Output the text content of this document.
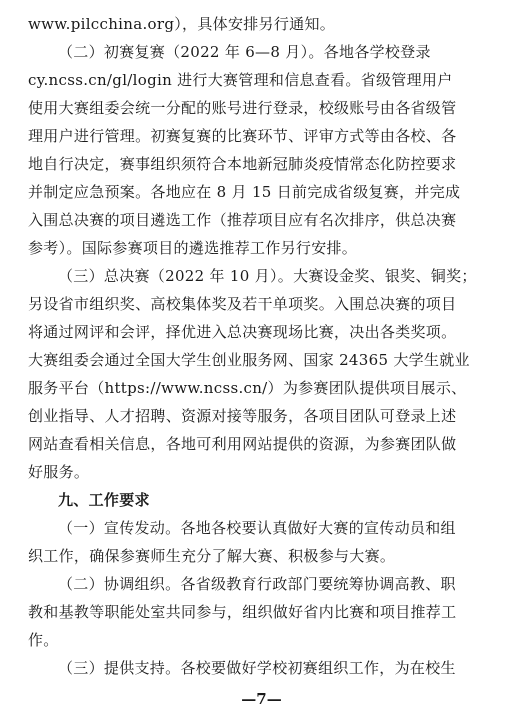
www.pilcchina.org），具体安排另行通知。
（二）初赛复赛（2022 年 6—8 月）。各地各学校登录
cy.ncss.cn/gl/login 进行大赛管理和信息查看。省级管理用户
使用大赛组委会统一分配的账号进行登录，校级账号由各省级管
理用户进行管理。初赛复赛的比赛环节、评审方式等由各校、各
地自行决定，赛事组织须符合本地新冠肺炎疫情常态化防控要求
并制定应急预案。各地应在 8 月 15 日前完成省级复赛，并完成
入围总决赛的项目遴选工作（推荐项目应有名次排序，供总决赛
参考）。国际参赛项目的遴选推荐工作另行安排。
（三）总决赛（2022 年 10 月）。大赛设金奖、银奖、铜奖；
另设省市组织奖、高校集体奖及若干单项奖。入围总决赛的项目
将通过网评和会评，择优进入总决赛现场比赛，决出各类奖项。
大赛组委会通过全国大学生创业服务网、国家 24365 大学生就业
服务平台（https://www.ncss.cn/）为参赛团队提供项目展示、
创业指导、人才招聘、资源对接等服务，各项目团队可登录上述
网站查看相关信息，各地可利用网站提供的资源，为参赛团队做
好服务。
九、工作要求
（一）宣传发动。各地各校要认真做好大赛的宣传动员和组
织工作，确保参赛师生充分了解大赛、积极参与大赛。
（二）协调组织。各省级教育行政部门要统筹协调高教、职
教和基教等职能处室共同参与，组织做好省内比赛和项目推荐工
作。
（三）提供支持。各校要做好学校初赛组织工作，为在校生
—7—
